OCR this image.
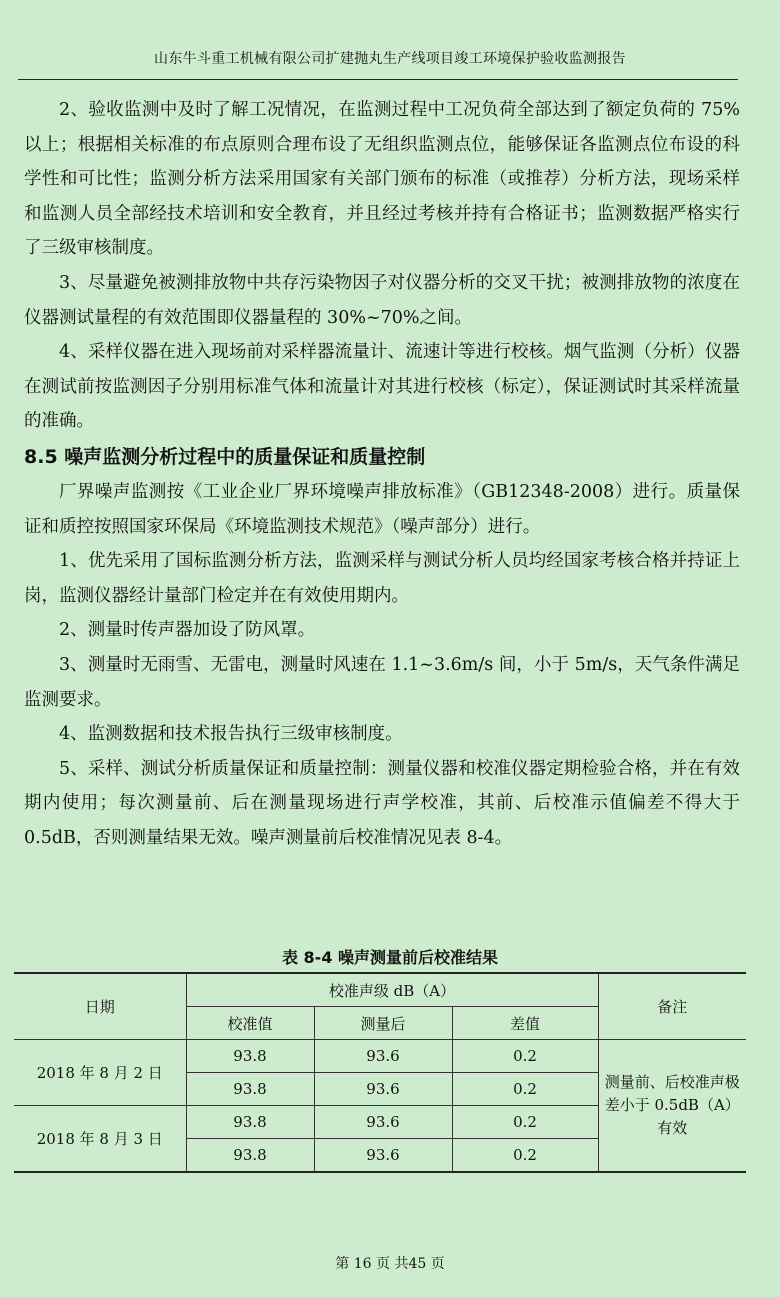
山东牛斗重工机械有限公司扩建抛丸生产线项目竣工环境保护验收监测报告

2、验收监测中及时了解工况情况，在监测过程中工况负荷全部达到了额定负荷的 75%以上；根据相关标准的布点原则合理布设了无组织监测点位，能够保证各监测点位布设的科学性和可比性；监测分析方法采用国家有关部门颁布的标准（或推荐）分析方法，现场采样和监测人员全部经技术培训和安全教育，并且经过考核并持有合格证书；监测数据严格实行了三级审核制度。

3、尽量避免被测排放物中共存污染物因子对仪器分析的交叉干扰；被测排放物的浓度在仪器测试量程的有效范围即仪器量程的 30%~70%之间。

4、采样仪器在进入现场前对采样器流量计、流速计等进行校核。烟气监测（分析）仪器在测试前按监测因子分别用标准气体和流量计对其进行校核（标定），保证测试时其采样流量的准确。

8.5 噪声监测分析过程中的质量保证和质量控制

厂界噪声监测按《工业企业厂界环境噪声排放标准》（GB12348-2008）进行。质量保证和质控按照国家环保局《环境监测技术规范》（噪声部分）进行。

1、优先采用了国标监测分析方法，监测采样与测试分析人员均经国家考核合格并持证上岗，监测仪器经计量部门检定并在有效使用期内。

2、测量时传声器加设了防风罩。

3、测量时无雨雪、无雷电，测量时风速在 1.1~3.6m/s 间，小于 5m/s，天气条件满足监测要求。

4、监测数据和技术报告执行三级审核制度。

5、采样、测试分析质量保证和质量控制：测量仪器和校准仪器定期检验合格，并在有效期内使用；每次测量前、后在测量现场进行声学校准，其前、后校准示值偏差不得大于 0.5dB，否则测量结果无效。噪声测量前后校准情况见表 8-4。

表 8-4 噪声测量前后校准结果
日期	校准声级 dB（A）			备注
	校准值	测量后	差值	
2018 年 8 月 2 日	93.8	93.6	0.2	测量前、后校准声极差小于 0.5dB（A）有效
	93.8	93.6	0.2	
2018 年 8 月 3 日	93.8	93.6	0.2	
	93.8	93.6	0.2	
第 16 页 共45 页
